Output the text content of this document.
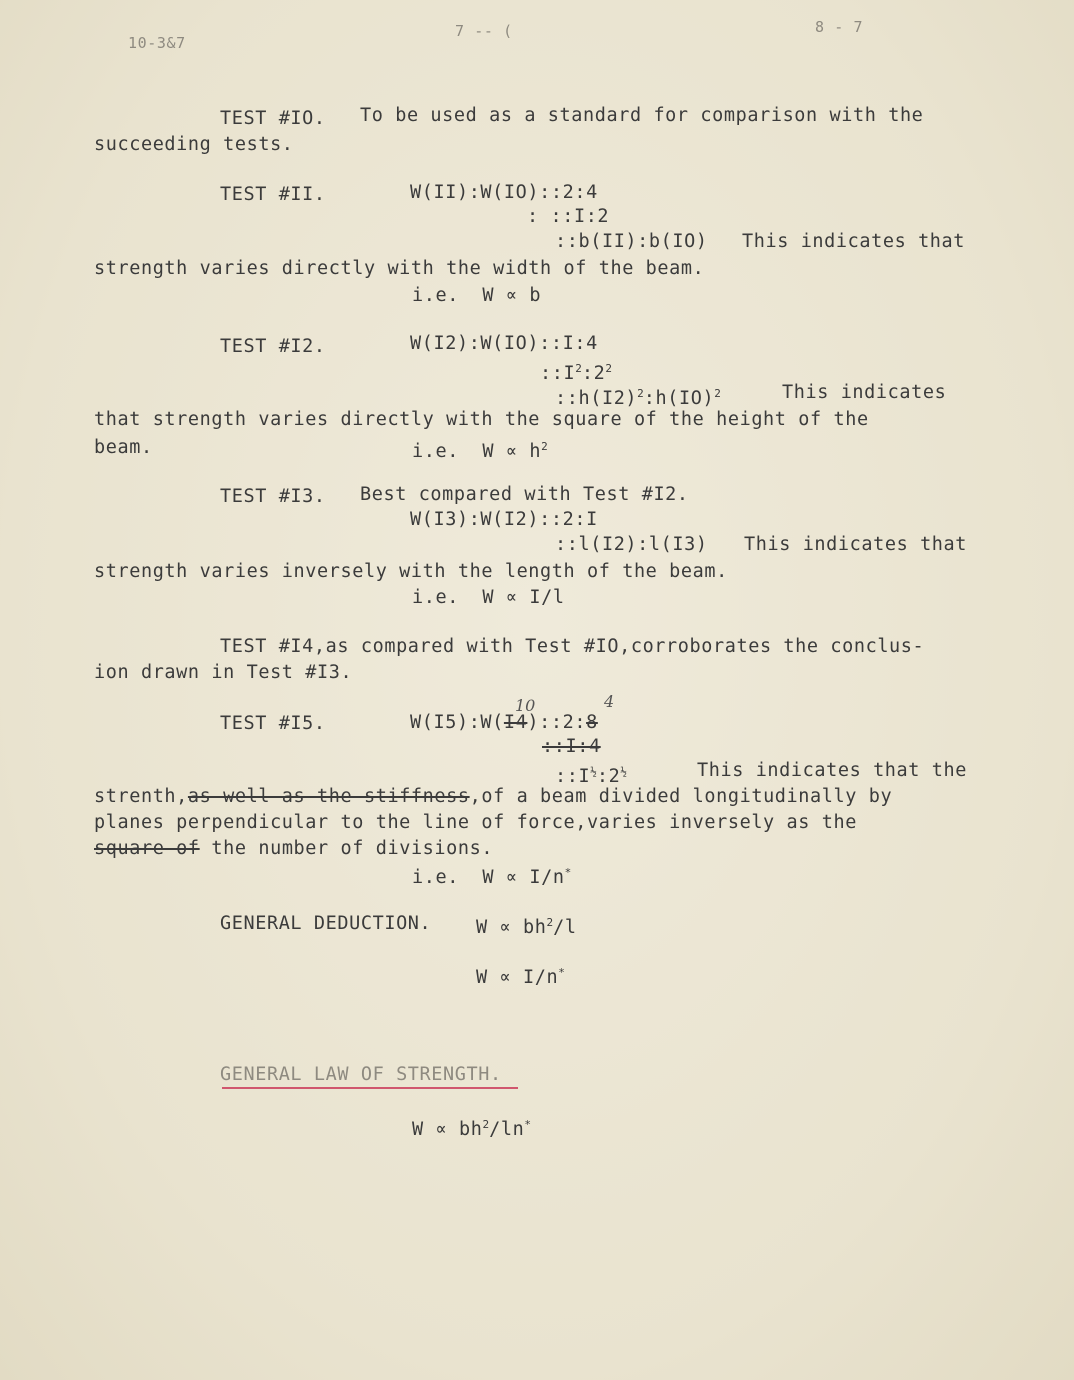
10-3&7
7 -- (	8 - 7
TEST #IO. To be used as a standard for comparison with the
succeeding tests.
TEST #II.	W(II):W(IO)::2:4
: ::I:2
::b(II):b(IO) This indicates that
strength varies directly with the width of the beam.
i.e.  W ∝ b
TEST #I2.	W(I2):W(IO)::I:4
$::I^2:2^2$
$::h(I2)^2:h(IO)^2$	This indicates
that strength varies directly with the square of the height of the
beam.	i.e.  $W \propto h^2$
TEST #I3. Best compared with Test #I2.
W(I3):W(I2)::2:I
::l(I2):l(I3) This indicates that
strength varies inversely with the length of the beam.
i.e.  W ∝ I/l
TEST #I4,as compared with Test #IO,corroborates the conclus-
ion drawn in Test #I3.
10	4
TEST #I5.	W(I5):W(I4)::2:8
::I:4
$::I^{\frac{1}{2}}:2^{\frac{1}{2}}$	This indicates that the
strenth,as well as the stiffness,of a beam divided longitudinally by
planes perpendicular to the line of force,varies inversely as the
square of the number of divisions.
i.e.  W ∝ I/n*
GENERAL DEDUCTION. $W \propto bh^2/l$
W ∝ I/n*
GENERAL LAW OF STRENGTH.
$W \propto bh^2/\ln^*$
